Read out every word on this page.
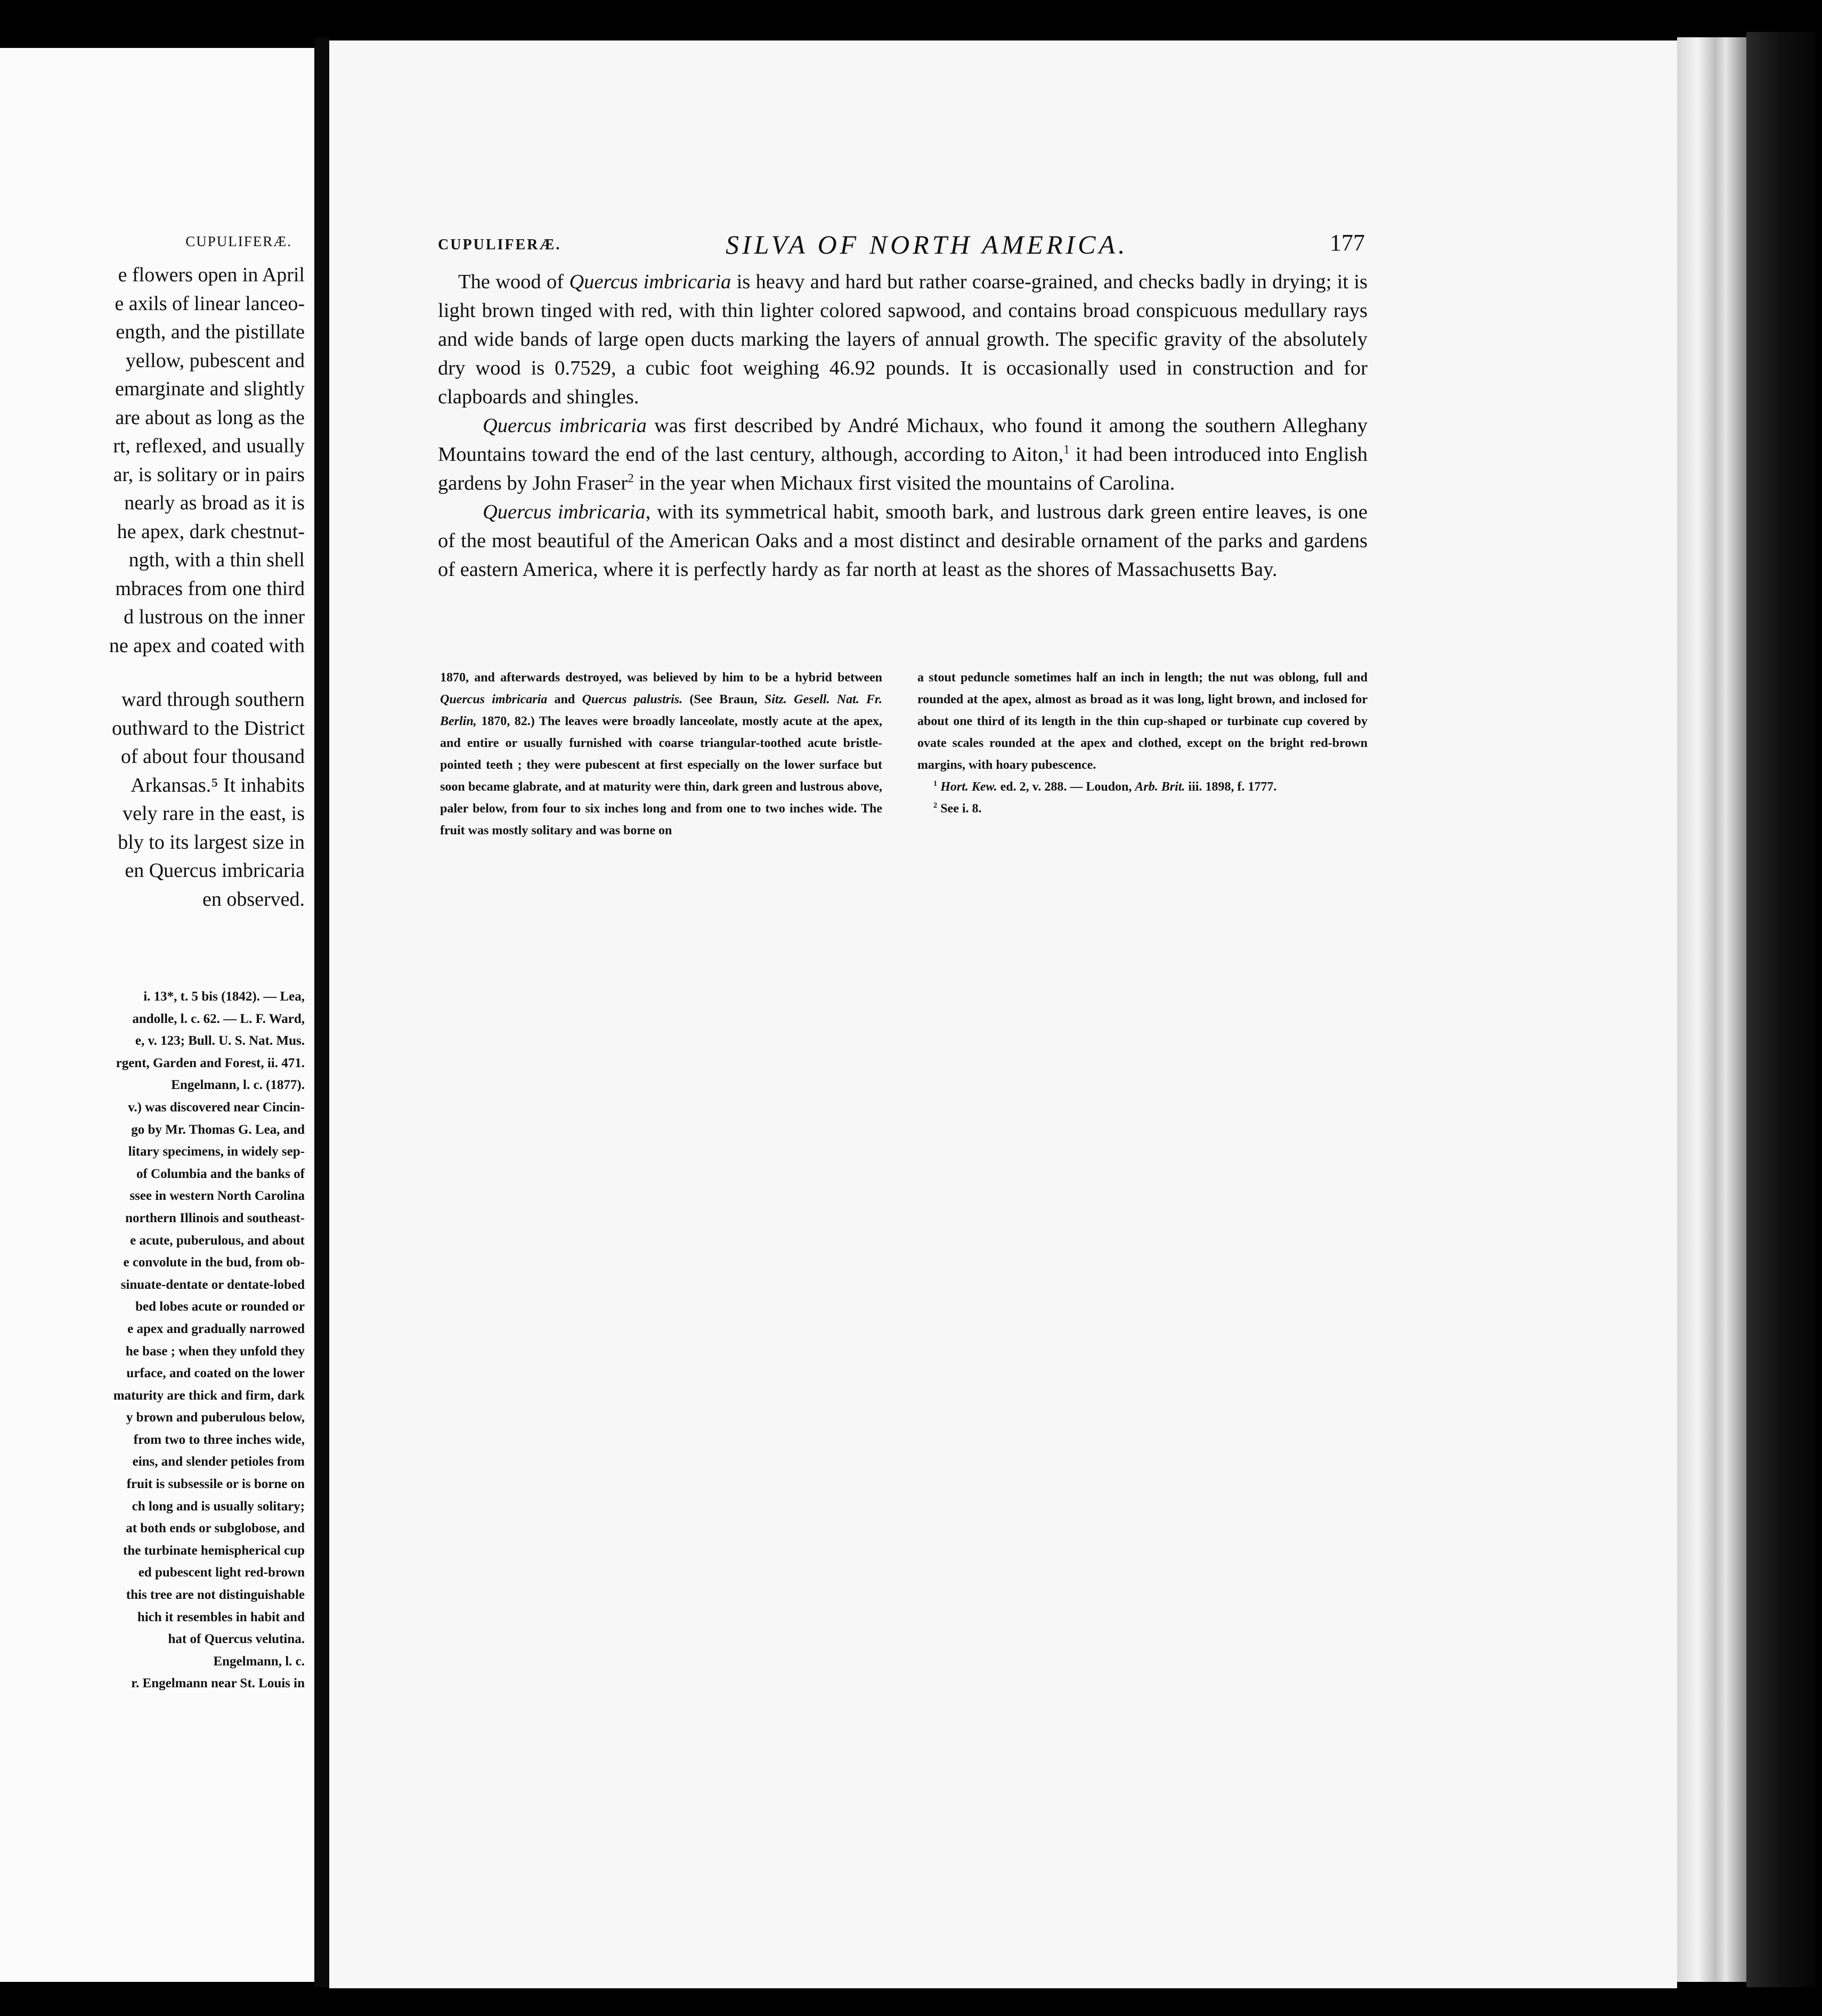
CUPULIFERÆ.
e flowers open in April
e axils of linear lanceo-
ength, and the pistillate
yellow, pubescent and
emarginate and slightly
are about as long as the
rt, reflexed, and usually
ar, is solitary or in pairs
nearly as broad as it is
he apex, dark chestnut-
ngth, with a thin shell
mbraces from one third
d lustrous on the inner
ne apex and coated with
ward through southern
outhward to the District
of about four thousand
Arkansas.⁵ It inhabits
vely rare in the east, is
bly to its largest size in
en Quercus imbricaria
en observed.
i. 13*, t. 5 bis (1842). — Lea,
andolle, l. c. 62. — L. F. Ward,
e, v. 123; Bull. U. S. Nat. Mus.
rgent, Garden and Forest, ii. 471.
Engelmann, l. c. (1877).
v.) was discovered near Cincin-
go by Mr. Thomas G. Lea, and
litary specimens, in widely sep-
of Columbia and the banks of
ssee in western North Carolina
northern Illinois and southeast-
e acute, puberulous, and about
e convolute in the bud, from ob-
sinuate-dentate or dentate-lobed
bed lobes acute or rounded or
e apex and gradually narrowed
he base ; when they unfold they
urface, and coated on the lower
maturity are thick and firm, dark
y brown and puberulous below,
from two to three inches wide,
eins, and slender petioles from
fruit is subsessile or is borne on
ch long and is usually solitary;
at both ends or subglobose, and
the turbinate hemispherical cup
ed pubescent light red-brown
this tree are not distinguishable
hich it resembles in habit and
hat of Quercus velutina.
Engelmann, l. c.
r. Engelmann near St. Louis in
CUPULIFERÆ.	SILVA OF NORTH AMERICA.	177

The wood of Quercus imbricaria is heavy and hard but rather coarse-grained, and checks badly in drying; it is light brown tinged with red, with thin lighter colored sapwood, and contains broad conspicuous medullary rays and wide bands of large open ducts marking the layers of annual growth. The specific gravity of the absolutely dry wood is 0.7529, a cubic foot weighing 46.92 pounds. It is occasionally used in construction and for clapboards and shingles.

Quercus imbricaria was first described by André Michaux, who found it among the southern Alleghany Mountains toward the end of the last century, although, according to Aiton,$^1$ it had been introduced into English gardens by John Fraser$^2$ in the year when Michaux first visited the mountains of Carolina.

Quercus imbricaria, with its symmetrical habit, smooth bark, and lustrous dark green entire leaves, is one of the most beautiful of the American Oaks and a most distinct and desirable ornament of the parks and gardens of eastern America, where it is perfectly hardy as far north at least as the shores of Massachusetts Bay.

1870, and afterwards destroyed, was believed by him to be a hybrid between Quercus imbricaria and Quercus palustris. (See Braun, Sitz. Gesell. Nat. Fr. Berlin, 1870, 82.) The leaves were broadly lanceolate, mostly acute at the apex, and entire or usually furnished with coarse triangular-toothed acute bristle-pointed teeth ; they were pubescent at first especially on the lower surface but soon became glabrate, and at maturity were thin, dark green and lustrous above, paler below, from four to six inches long and from one to two inches wide. The fruit was mostly solitary and was borne on

a stout peduncle sometimes half an inch in length; the nut was oblong, full and rounded at the apex, almost as broad as it was long, light brown, and inclosed for about one third of its length in the thin cup-shaped or turbinate cup covered by ovate scales rounded at the apex and clothed, except on the bright red-brown margins, with hoary pubescence.

$^1$ Hort. Kew. ed. 2, v. 288. — Loudon, Arb. Brit. iii. 1898, f. 1777.

$^2$ See i. 8.
